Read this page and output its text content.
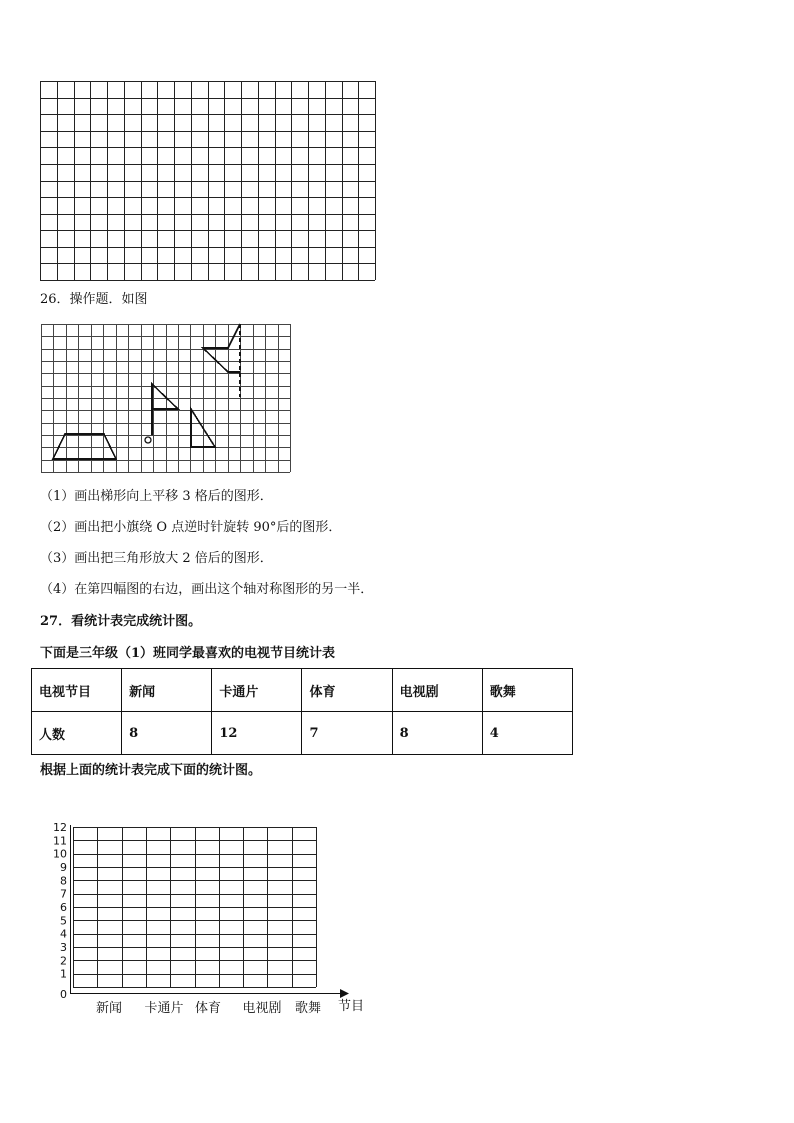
26．操作题．如图
（1）画出梯形向上平移 3 格后的图形．
（2）画出把小旗绕 O 点逆时针旋转 90°后的图形．
（3）画出把三角形放大 2 倍后的图形．
（4）在第四幅图的右边，画出这个轴对称图形的另一半．
27．看统计表完成统计图。
下面是三年级（1）班同学最喜欢的电视节目统计表
电视节目	新闻	卡通片	体育	电视剧	歌舞
人数	8	12	7	8	4
根据上面的统计表完成下面的统计图。
0
1
2
3
4
5
6
7
8
9
10
11
12
新闻 卡通片 体育 电视剧 歌舞 节目
